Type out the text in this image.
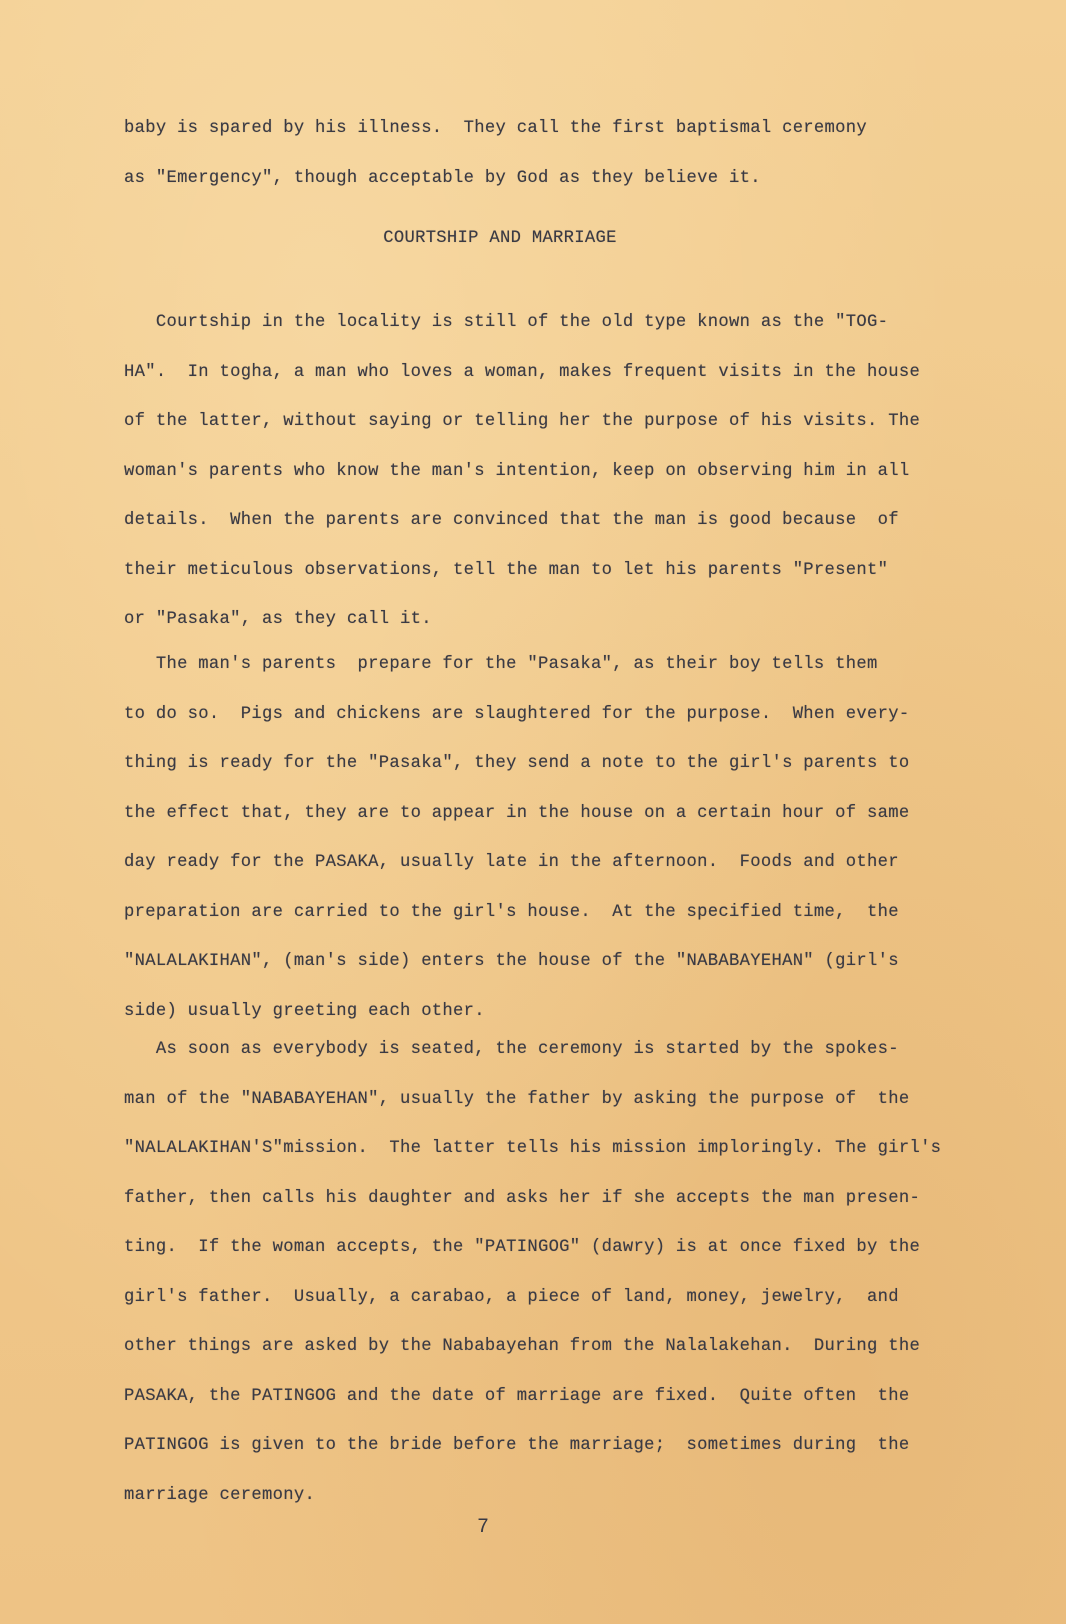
baby is spared by his illness.  They call the first baptismal ceremony
as "Emergency", though acceptable by God as they believe it.
COURTSHIP AND MARRIAGE
Courtship in the locality is still of the old type known as the "TOG-
HA".  In togha, a man who loves a woman, makes frequent visits in the house
of the latter, without saying or telling her the purpose of his visits. The
woman's parents who know the man's intention, keep on observing him in all
details.  When the parents are convinced that the man is good because  of
their meticulous observations, tell the man to let his parents "Present"
or "Pasaka", as they call it.
The man's parents  prepare for the "Pasaka", as their boy tells them
to do so.  Pigs and chickens are slaughtered for the purpose.  When every-
thing is ready for the "Pasaka", they send a note to the girl's parents to
the effect that, they are to appear in the house on a certain hour of same
day ready for the PASAKA, usually late in the afternoon.  Foods and other
preparation are carried to the girl's house.  At the specified time,  the
"NALALAKIHAN", (man's side) enters the house of the "NABABAYEHAN" (girl's
side) usually greeting each other.
As soon as everybody is seated, the ceremony is started by the spokes-
man of the "NABABAYEHAN", usually the father by asking the purpose of  the
"NALALAKIHAN'S"mission.  The latter tells his mission imploringly. The girl's
father, then calls his daughter and asks her if she accepts the man presen-
ting.  If the woman accepts, the "PATINGOG" (dawry) is at once fixed by the
girl's father.  Usually, a carabao, a piece of land, money, jewelry,  and
other things are asked by the Nababayehan from the Nalalakehan.  During the
PASAKA, the PATINGOG and the date of marriage are fixed.  Quite often  the
PATINGOG is given to the bride before the marriage;  sometimes during  the
marriage ceremony.
7
